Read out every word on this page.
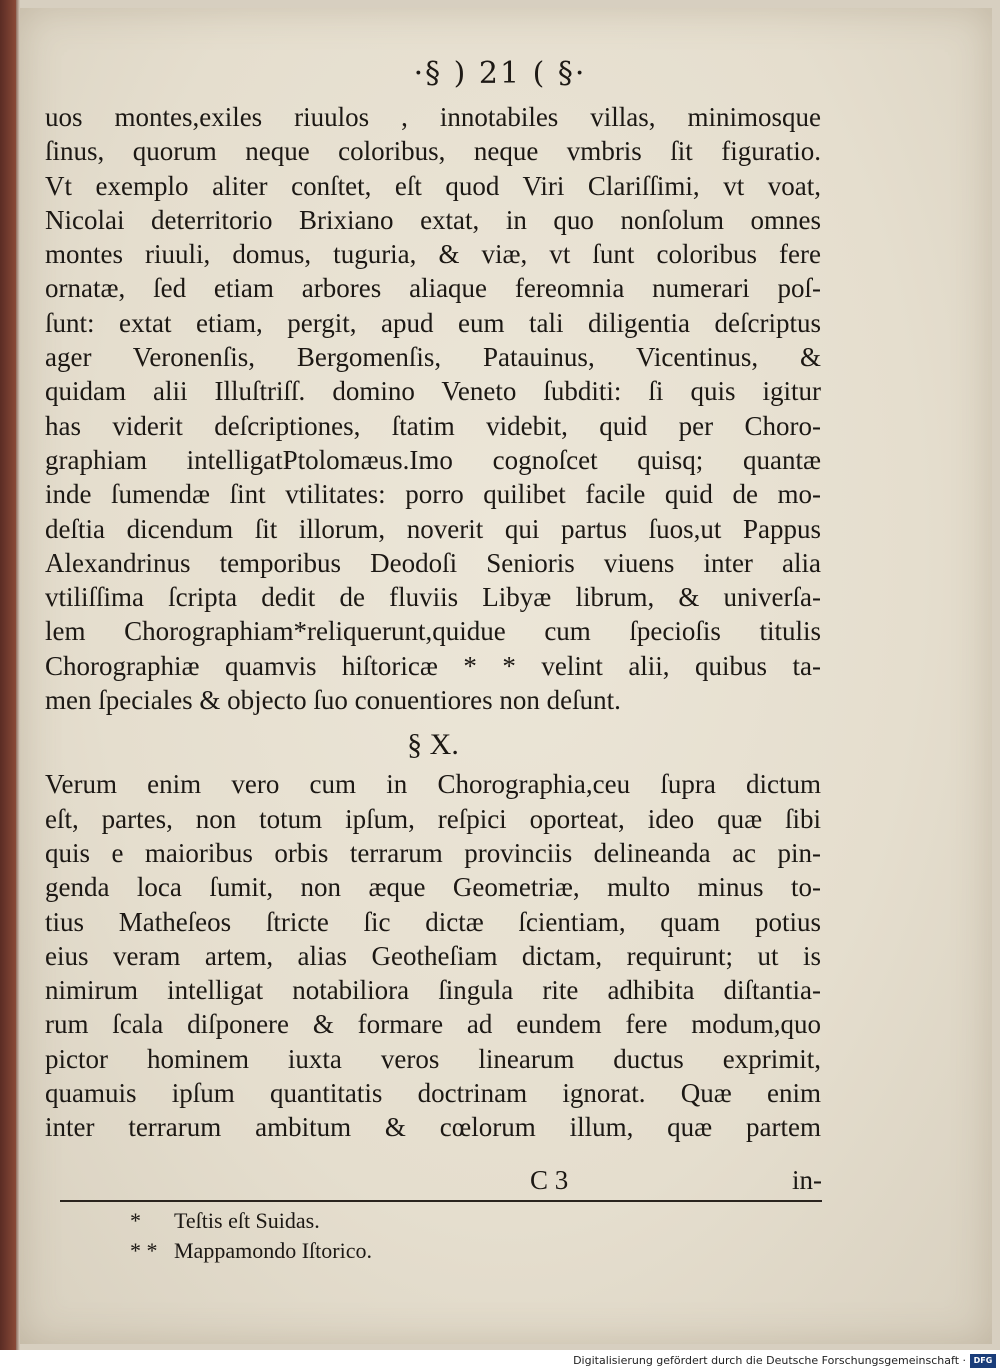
·§ ) 21 ( §·
uos montes,exiles riuulos , innotabiles villas, minimosque
ſinus, quorum neque coloribus, neque vmbris ſit figuratio.
Vt exemplo aliter conſtet, eſt quod Viri Clariſſimi, vt voat,
Nicolai deterritorio Brixiano extat, in quo nonſolum omnes
montes riuuli, domus, tuguria, & viæ, vt ſunt coloribus fere
ornatæ, ſed etiam arbores aliaque fereomnia numerari poſ-
ſunt: extat etiam, pergit, apud eum tali diligentia deſcriptus
ager Veronenſis, Bergomenſis, Patauinus, Vicentinus, &
quidam alii Illuſtriſſ. domino Veneto ſubditi: ſi quis igitur
has viderit deſcriptiones, ſtatim videbit, quid per Choro-
graphiam intelligatPtolomæus.Imo cognoſcet quisq; quantæ
inde ſumendæ ſint vtilitates: porro quilibet facile quid de mo-
deſtia dicendum ſit illorum, noverit qui partus ſuos,ut Pappus
Alexandrinus temporibus Deodoſi Senioris viuens inter alia
vtiliſſima ſcripta dedit de fluviis Libyæ librum, & univerſa-
lem Chorographiam*reliquerunt,quidue cum ſpecioſis titulis
Chorographiæ quamvis hiſtoricæ * * velint alii, quibus ta-
men ſpeciales & objecto ſuo conuentiores non deſunt.
§ X.
Verum enim vero cum in Chorographia,ceu ſupra dictum
eſt, partes, non totum ipſum, reſpici oporteat, ideo quæ ſibi
quis e maioribus orbis terrarum provinciis delineanda ac pin-
genda loca ſumit, non æque Geometriæ, multo minus to-
tius Matheſeos ſtricte ſic dictæ ſcientiam, quam potius
eius veram artem, alias Geotheſiam dictam, requirunt; ut is
nimirum intelligat notabiliora ſingula rite adhibita diſtantia-
rum ſcala diſponere & formare ad eundem fere modum,quo
pictor hominem iuxta veros linearum ductus exprimit,
quamuis ipſum quantitatis doctrinam ignorat. Quæ enim
inter terrarum ambitum & cœlorum illum, quæ partem
C 3	in-
* Teſtis eſt Suidas.
* * Mappamondo Iſtorico.
Digitalisierung gefördert durch die Deutsche Forschungsgemeinschaft · DFG
